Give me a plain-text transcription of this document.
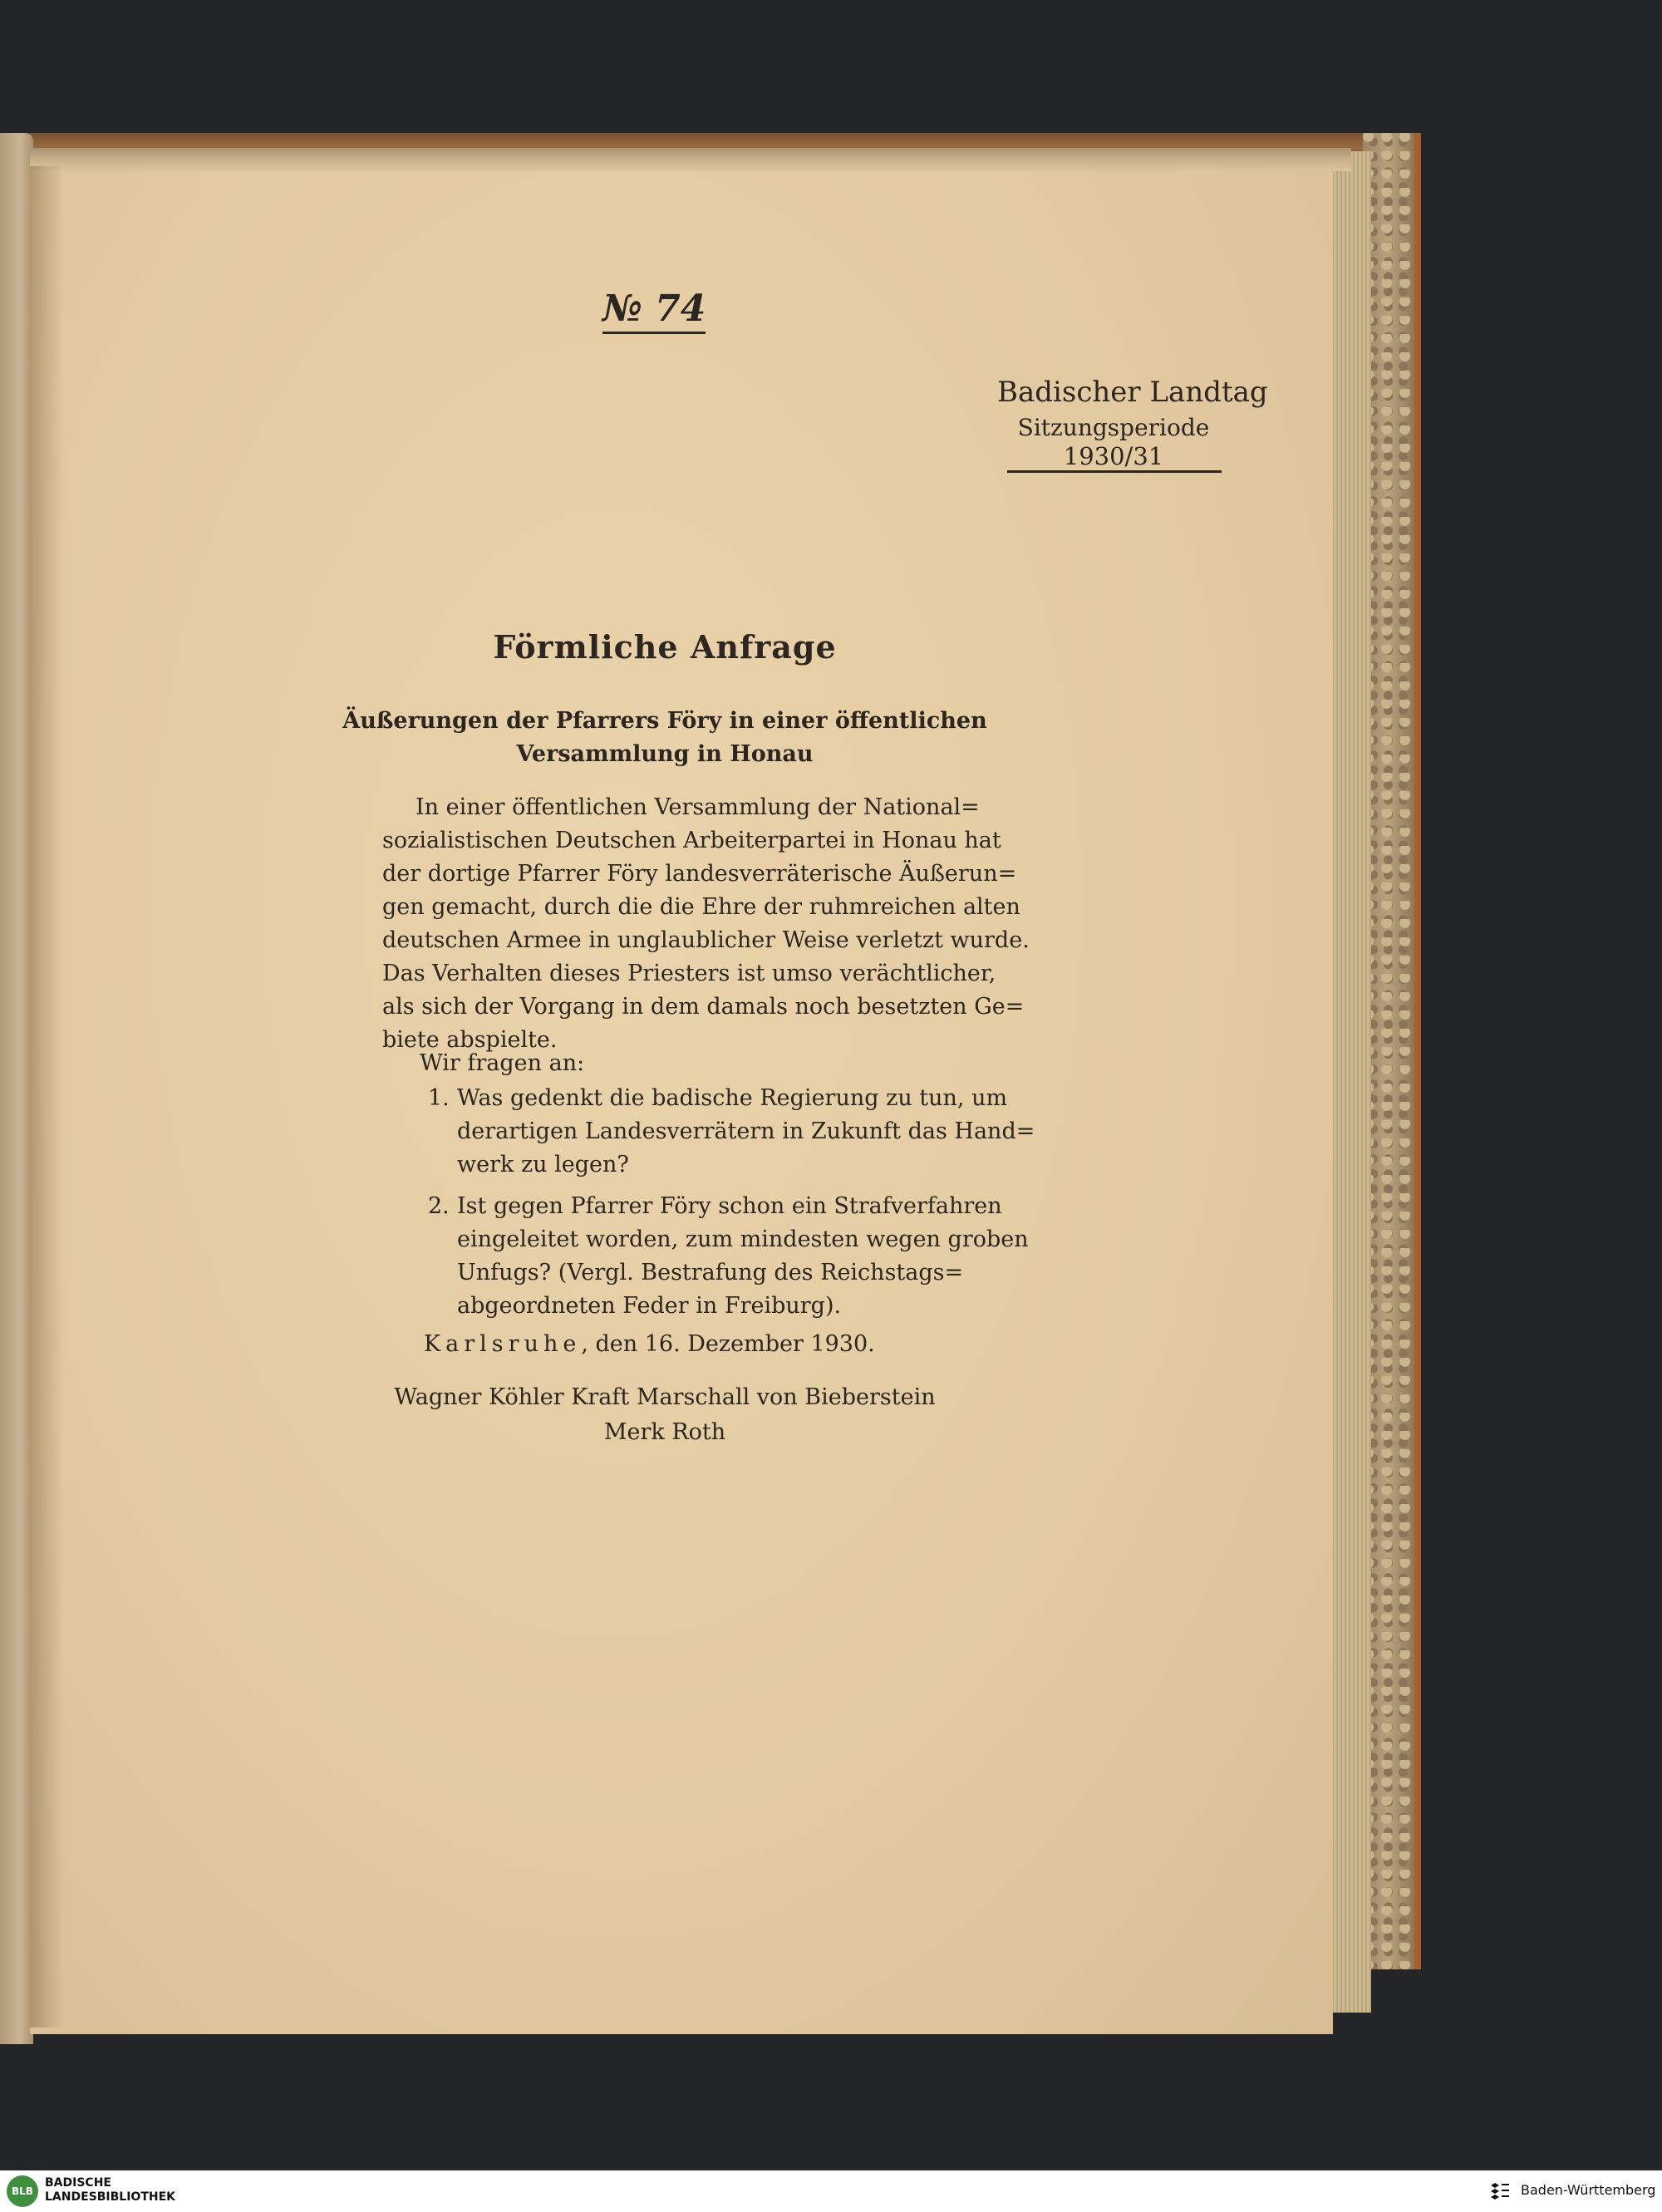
№ 74
Badischer Landtag
Sitzungsperiode
1930/31
Förmliche Anfrage
Äußerungen der Pfarrers Föry in einer öffentlichen
Versammlung in Honau
In einer öffentlichen Versammlung der National=
sozialistischen Deutschen Arbeiterpartei in Honau hat
der dortige Pfarrer Föry landesverräterische Äußerun=
gen gemacht, durch die die Ehre der ruhmreichen alten
deutschen Armee in unglaublicher Weise verletzt wurde.
Das Verhalten dieses Priesters ist umso verächtlicher,
als sich der Vorgang in dem damals noch besetzten Ge=
biete abspielte.
Wir fragen an:
1. Was gedenkt die badische Regierung zu tun, um
derartigen Landesverrätern in Zukunft das Hand=
werk zu legen?
2. Ist gegen Pfarrer Föry schon ein Strafverfahren
eingeleitet worden, zum mindesten wegen groben
Unfugs? (Vergl. Bestrafung des Reichstags=
abgeordneten Feder in Freiburg).
Karlsruhe, den 16. Dezember 1930.
Wagner Köhler Kraft Marschall von Bieberstein
Merk Roth
BLB
BADISCHE
LANDESBIBLIOTHEK	Baden-Württemberg
